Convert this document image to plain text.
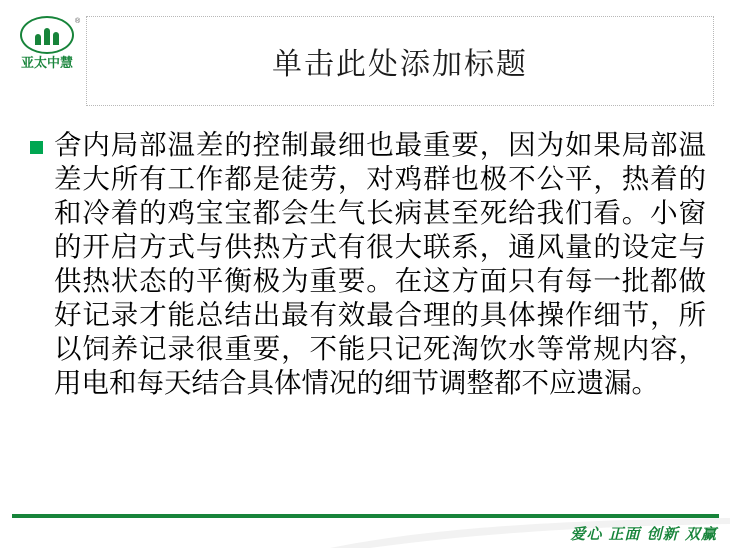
®
亚太中慧	单击此处添加标题
舍内局部温差的控制最细也最重要，因为如果局部温差大所有工作都是徒劳，对鸡群也极不公平，热着的和冷着的鸡宝宝都会生气长病甚至死给我们看。小窗的开启方式与供热方式有很大联系，通风量的设定与供热状态的平衡极为重要。在这方面只有每一批都做好记录才能总结出最有效最合理的具体操作细节，所以饲养记录很重要，不能只记死淘饮水等常规内容，用电和每天结合具体情况的细节调整都不应遗漏。
爱心 正面 创新 双赢
